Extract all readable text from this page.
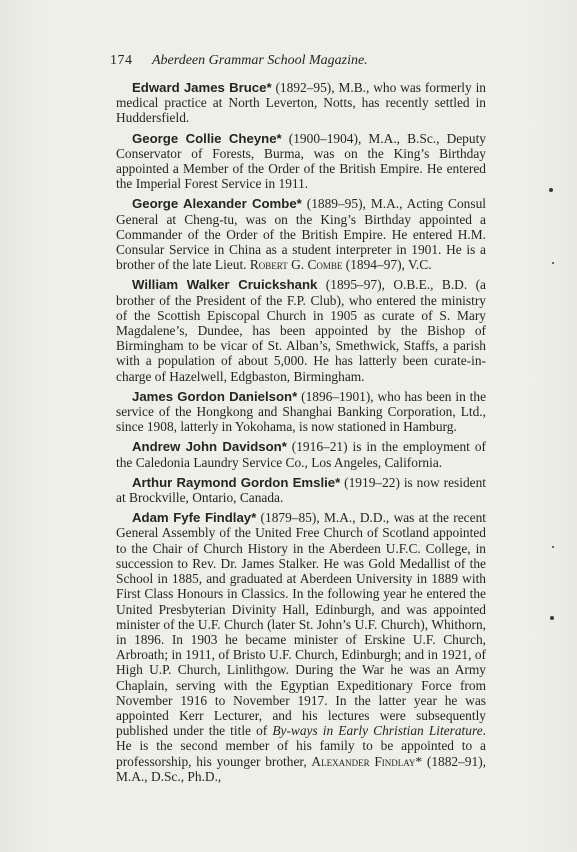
174 Aberdeen Grammar School Magazine.

Edward James Bruce* (1892–95), M.B., who was formerly in medical practice at North Leverton, Notts, has recently settled in Huddersfield.

George Collie Cheyne* (1900–1904), M.A., B.Sc., Deputy Conservator of Forests, Burma, was on the King’s Birthday appointed a Member of the Order of the British Empire. He entered the Imperial Forest Service in 1911.

George Alexander Combe* (1889–95), M.A., Acting Consul General at Cheng-tu, was on the King’s Birthday appointed a Commander of the Order of the British Empire. He entered H.M. Consular Service in China as a student interpreter in 1901. He is a brother of the late Lieut. Robert G. Combe (1894–97), V.C.

William Walker Cruickshank (1895–97), O.B.E., B.D. (a brother of the President of the F.P. Club), who entered the ministry of the Scottish Episcopal Church in 1905 as curate of S. Mary Magdalene’s, Dundee, has been appointed by the Bishop of Birmingham to be vicar of St. Alban’s, Smethwick, Staffs, a parish with a population of about 5,000. He has latterly been curate-in-charge of Hazelwell, Edgbaston, Birmingham.

James Gordon Danielson* (1896–1901), who has been in the service of the Hongkong and Shanghai Banking Corporation, Ltd., since 1908, latterly in Yokohama, is now stationed in Hamburg.

Andrew John Davidson* (1916–21) is in the employment of the Caledonia Laundry Service Co., Los Angeles, California.

Arthur Raymond Gordon Emslie* (1919–22) is now resident at Brockville, Ontario, Canada.

Adam Fyfe Findlay* (1879–85), M.A., D.D., was at the recent General Assembly of the United Free Church of Scotland appointed to the Chair of Church History in the Aberdeen U.F.C. College, in succession to Rev. Dr. James Stalker. He was Gold Medallist of the School in 1885, and graduated at Aberdeen University in 1889 with First Class Honours in Classics. In the following year he entered the United Presbyterian Divinity Hall, Edinburgh, and was appointed minister of the U.F. Church (later St. John’s U.F. Church), Whithorn, in 1896. In 1903 he became minister of Erskine U.F. Church, Arbroath; in 1911, of Bristo U.F. Church, Edinburgh; and in 1921, of High U.P. Church, Linlithgow. During the War he was an Army Chaplain, serving with the Egyptian Expeditionary Force from November 1916 to November 1917. In the latter year he was appointed Kerr Lecturer, and his lectures were subsequently published under the title of By-ways in Early Christian Literature. He is the second member of his family to be appointed to a professorship, his younger brother, Alexander Findlay* (1882–91), M.A., D.Sc., Ph.D.,
